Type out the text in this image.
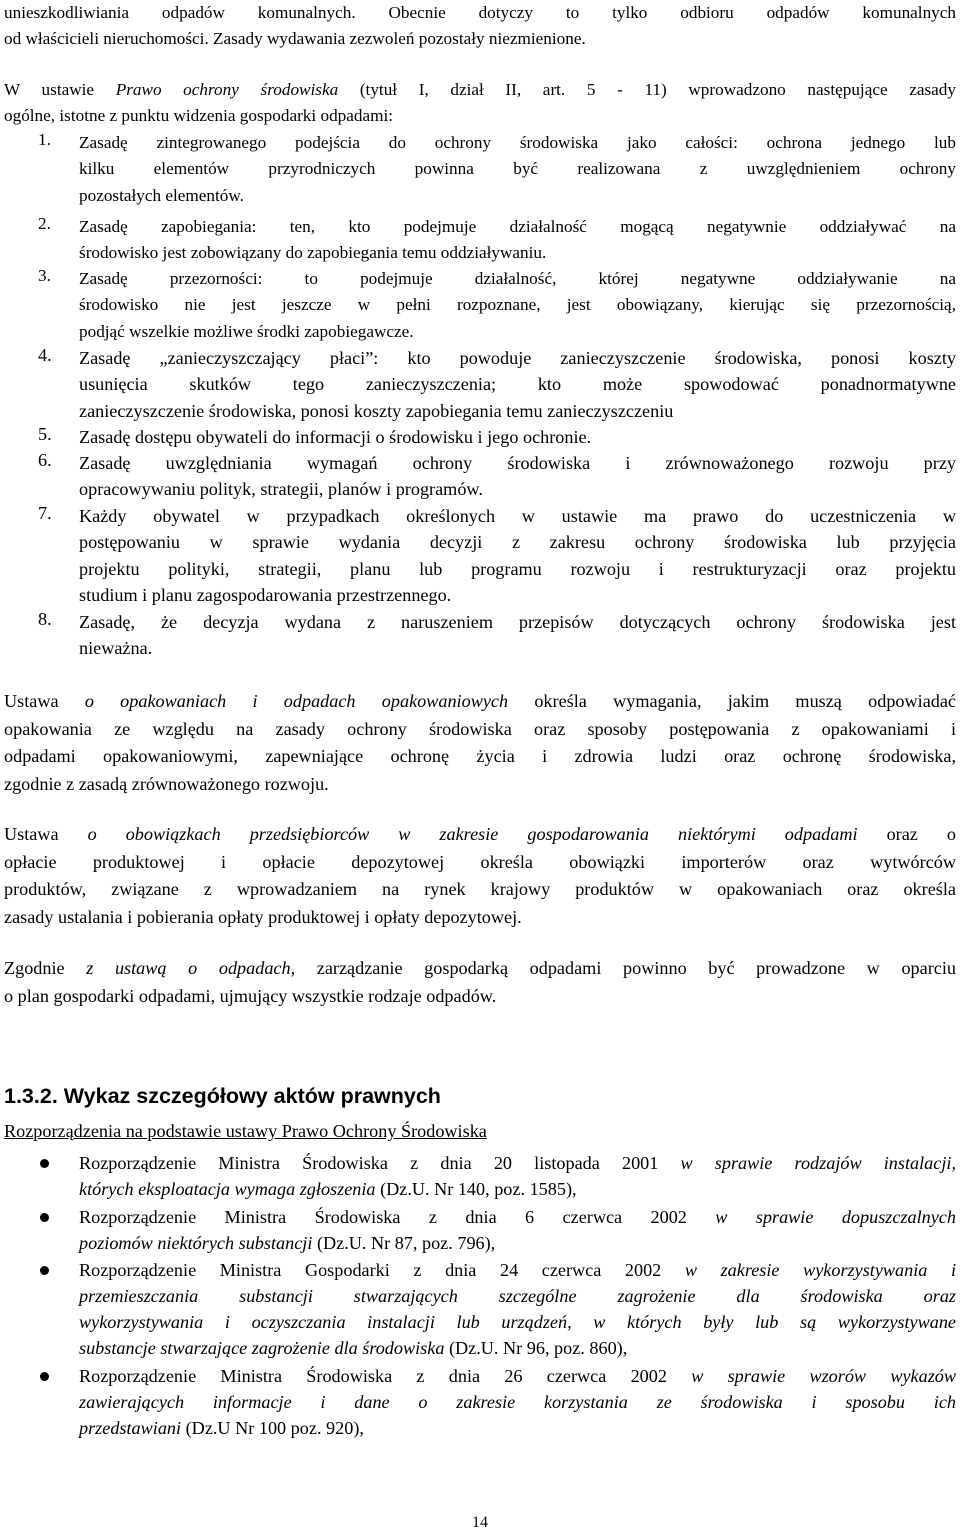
unieszkodliwiania odpadów komunalnych. Obecnie dotyczy to tylko odbioru odpadów komunalnych
od właścicieli nieruchomości. Zasady wydawania zezwoleń pozostały niezmienione.
W ustawie Prawo ochrony środowiska (tytuł I, dział II, art. 5 - 11) wprowadzono następujące zasady
ogólne, istotne z punktu widzenia gospodarki odpadami:
1.	Zasadę zintegrowanego podejścia do ochrony środowiska jako całości: ochrona jednego lub
kilku elementów przyrodniczych powinna być realizowana z uwzględnieniem ochrony
pozostałych elementów.
2.	Zasadę zapobiegania: ten, kto podejmuje działalność mogącą negatywnie oddziaływać na
środowisko jest zobowiązany do zapobiegania temu oddziaływaniu.
3.	Zasadę przezorności: to podejmuje działalność, której negatywne oddziaływanie na
środowisko nie jest jeszcze w pełni rozpoznane, jest obowiązany, kierując się przezornością,
podjąć wszelkie możliwe środki zapobiegawcze.
4.	Zasadę „zanieczyszczający płaci”: kto powoduje zanieczyszczenie środowiska, ponosi koszty
usunięcia skutków tego zanieczyszczenia; kto może spowodować ponadnormatywne
zanieczyszczenie środowiska, ponosi koszty zapobiegania temu zanieczyszczeniu
5.	Zasadę dostępu obywateli do informacji o środowisku i jego ochronie.
6.	Zasadę uwzględniania wymagań ochrony środowiska i zrównoważonego rozwoju przy
opracowywaniu polityk, strategii, planów i programów.
7.	Każdy obywatel w przypadkach określonych w ustawie ma prawo do uczestniczenia w
postępowaniu w sprawie wydania decyzji z zakresu ochrony środowiska lub przyjęcia
projektu polityki, strategii, planu lub programu rozwoju i restrukturyzacji oraz projektu
studium i planu zagospodarowania przestrzennego.
8.	Zasadę, że decyzja wydana z naruszeniem przepisów dotyczących ochrony środowiska jest
nieważna.
Ustawa o opakowaniach i odpadach opakowaniowych określa wymagania, jakim muszą odpowiadać
opakowania ze względu na zasady ochrony środowiska oraz sposoby postępowania z opakowaniami i
odpadami opakowaniowymi, zapewniające ochronę życia i zdrowia ludzi oraz ochronę środowiska,
zgodnie z zasadą zrównoważonego rozwoju.
Ustawa o obowiązkach przedsiębiorców w zakresie gospodarowania niektórymi odpadami oraz o
opłacie produktowej i opłacie depozytowej określa obowiązki importerów oraz wytwórców
produktów, związane z wprowadzaniem na rynek krajowy produktów w opakowaniach oraz określa
zasady ustalania i pobierania opłaty produktowej i opłaty depozytowej.
Zgodnie z ustawą o odpadach, zarządzanie gospodarką odpadami powinno być prowadzone w oparciu
o plan gospodarki odpadami, ujmujący wszystkie rodzaje odpadów.
1.3.2. Wykaz szczegółowy aktów prawnych
Rozporządzenia na podstawie ustawy Prawo Ochrony Środowiska
Rozporządzenie Ministra Środowiska z dnia 20 listopada 2001 w sprawie rodzajów instalacji,
których eksploatacja wymaga zgłoszenia (Dz.U. Nr 140, poz. 1585),
Rozporządzenie Ministra Środowiska z dnia 6 czerwca 2002 w sprawie dopuszczalnych
poziomów niektórych substancji (Dz.U. Nr 87, poz. 796),
Rozporządzenie Ministra Gospodarki z dnia 24 czerwca 2002 w zakresie wykorzystywania i
przemieszczania substancji stwarzających szczególne zagrożenie dla środowiska oraz
wykorzystywania i oczyszczania instalacji lub urządzeń, w których były lub są wykorzystywane
substancje stwarzające zagrożenie dla środowiska (Dz.U. Nr 96, poz. 860),
Rozporządzenie Ministra Środowiska z dnia 26 czerwca 2002 w sprawie wzorów wykazów
zawierających informacje i dane o zakresie korzystania ze środowiska i sposobu ich
przedstawiani (Dz.U Nr 100 poz. 920),
14
